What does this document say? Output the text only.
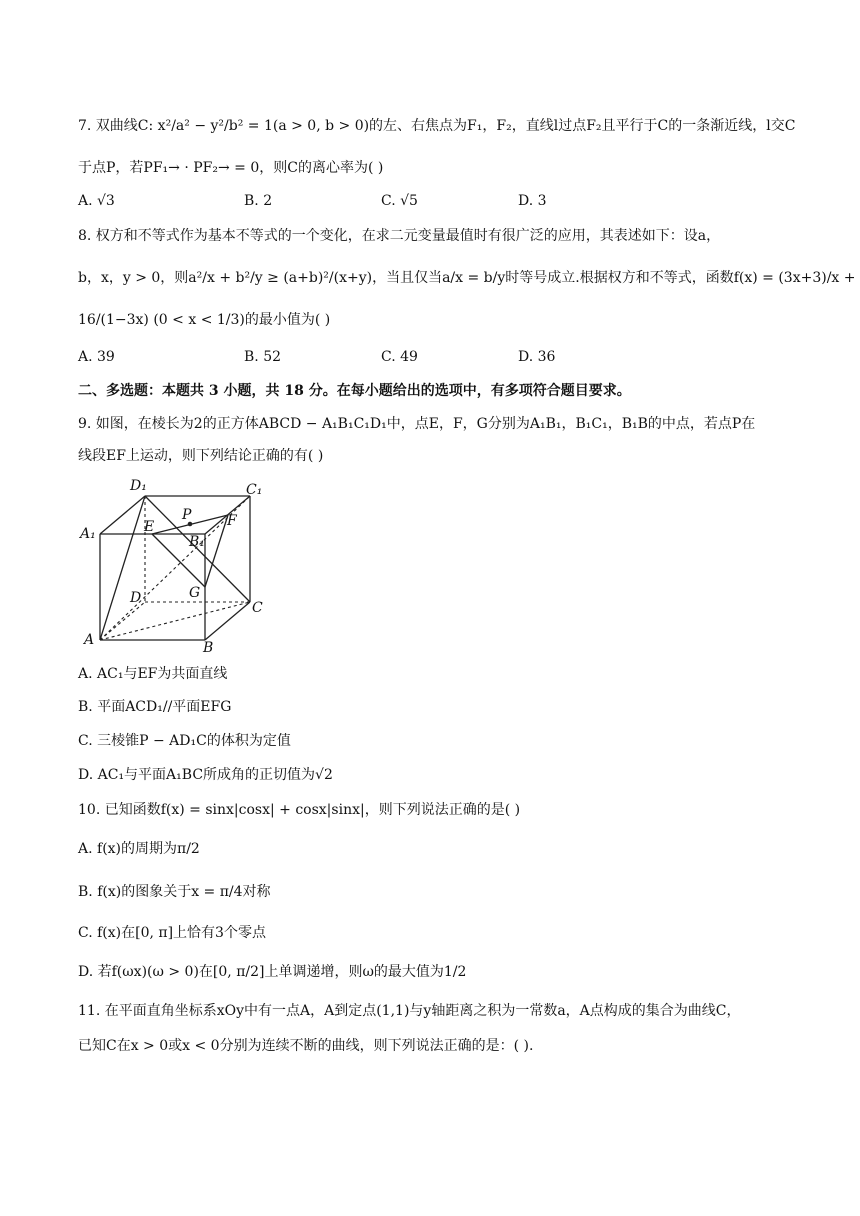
7. 双曲线C: x²/a² − y²/b² = 1(a > 0, b > 0)的左、右焦点为F₁，F₂，直线l过点F₂且平行于C的一条渐近线，l交C
于点P，若PF₁→ · PF₂→ = 0，则C的离心率为( )
A. √3	B. 2	C. √5	D. 3
8. 权方和不等式作为基本不等式的一个变化，在求二元变量最值时有很广泛的应用，其表述如下：设a，
b，x，y > 0，则a²/x + b²/y ≥ (a+b)²/(x+y)，当且仅当a/x = b/y时等号成立.根据权方和不等式，函数f(x) = (3x+3)/x +
16/(1−3x) (0 < x < 1/3)的最小值为( )
A. 39	B. 52	C. 49	D. 36
二、多选题：本题共 3 小题，共 18 分。在每小题给出的选项中，有多项符合题目要求。
9. 如图，在棱长为2的正方体ABCD − A₁B₁C₁D₁中，点E，F，G分别为A₁B₁，B₁C₁，B₁B的中点，若点P在
线段EF上运动，则下列结论正确的有( )
D₁	C₁
A₁	B₁
E	F
P
G
D
C
A	B
A. AC₁与EF为共面直线
B. 平面ACD₁//平面EFG
C. 三棱锥P − AD₁C的体积为定值
D. AC₁与平面A₁BC所成角的正切值为√2
10. 已知函数f(x) = sinx|cosx| + cosx|sinx|，则下列说法正确的是( )
A. f(x)的周期为π/2
B. f(x)的图象关于x = π/4对称
C. f(x)在[0, π]上恰有3个零点
D. 若f(ωx)(ω > 0)在[0, π/2]上单调递增，则ω的最大值为1/2
11. 在平面直角坐标系xOy中有一点A，A到定点(1,1)与y轴距离之积为一常数a，A点构成的集合为曲线C，
已知C在x > 0或x < 0分别为连续不断的曲线，则下列说法正确的是：( ).
